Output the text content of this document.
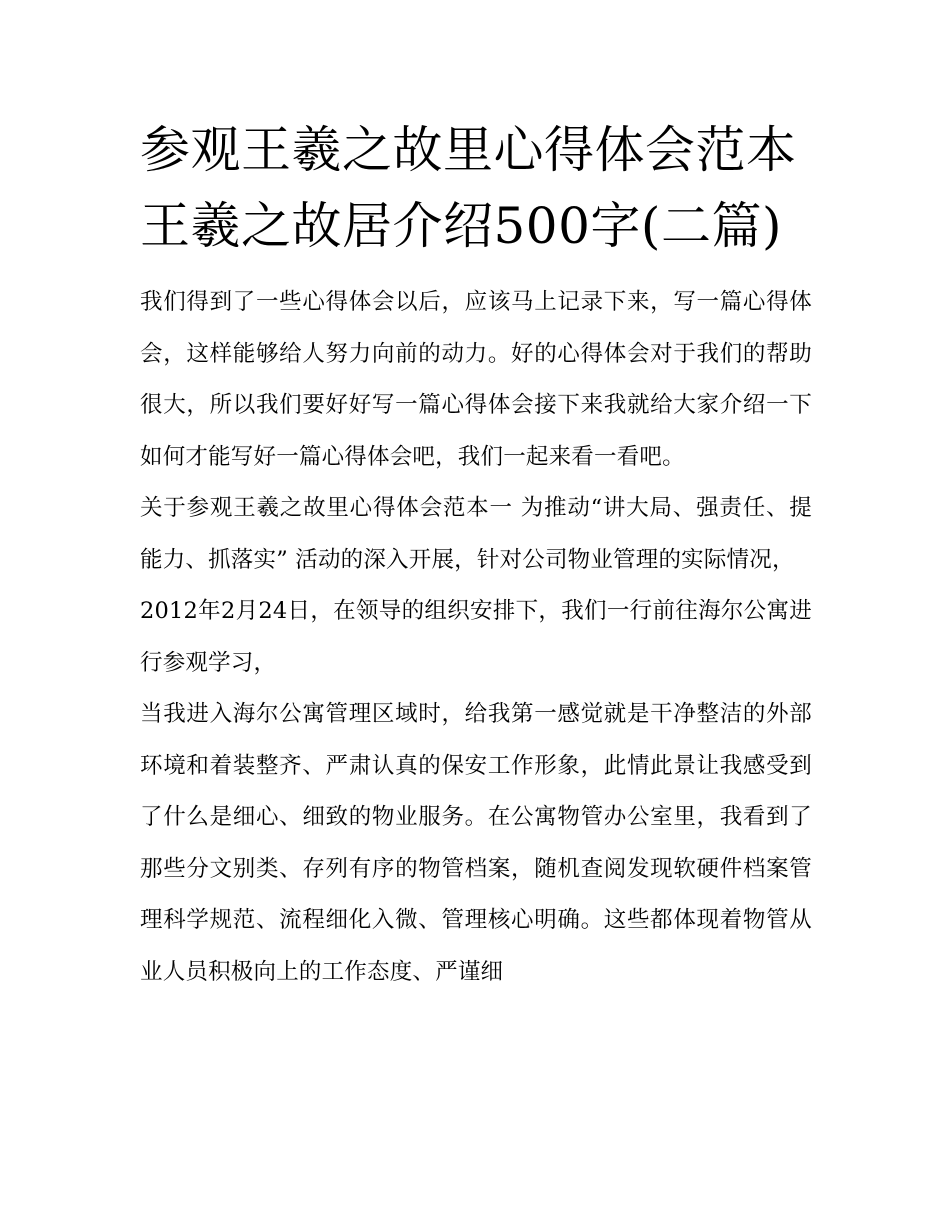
参观王羲之故里心得体会范本
王羲之故居介绍500字(二篇)

我们得到了一些心得体会以后，应该马上记录下来，写一篇心得体会，这样能够给人努力向前的动力。好的心得体会对于我们的帮助很大，所以我们要好好写一篇心得体会接下来我就给大家介绍一下如何才能写好一篇心得体会吧，我们一起来看一看吧。

关于参观王羲之故里心得体会范本一 为推动“讲大局、强责任、提能力、抓落实” 活动的深入开展，针对公司物业管理的实际情况，

2012年2月24日，在领导的组织安排下，我们一行前往海尔公寓进行参观学习，

当我进入海尔公寓管理区域时，给我第一感觉就是干净整洁的外部环境和着装整齐、严肃认真的保安工作形象，此情此景让我感受到了什么是细心、细致的物业服务。在公寓物管办公室里，我看到了那些分文别类、存列有序的物管档案，随机查阅发现软硬件档案管理科学规范、流程细化入微、管理核心明确。这些都体现着物管从业人员积极向上的工作态度、严谨细
